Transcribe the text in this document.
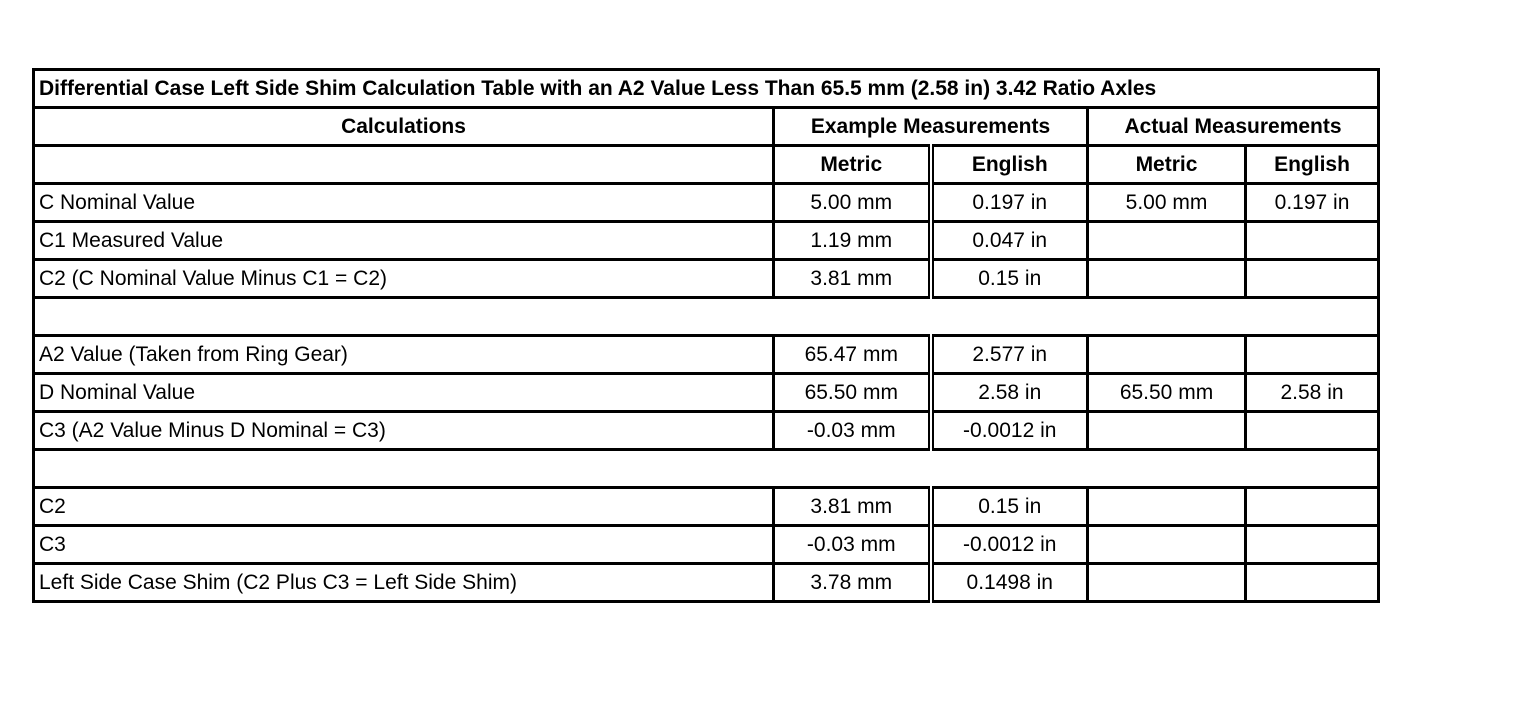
Differential Case Left Side Shim Calculation Table with an A2 Value Less Than 65.5 mm (2.58 in) 3.42 Ratio Axles				
Calculations	Example Measurements		Actual Measurements	
	Metric	English	Metric	English
C Nominal Value	5.00 mm	0.197 in	5.00 mm	0.197 in
C1 Measured Value	1.19 mm	0.047 in		
C2 (C Nominal Value Minus C1 = C2)	3.81 mm	0.15 in		

A2 Value (Taken from Ring Gear)	65.47 mm	2.577 in		
D Nominal Value	65.50 mm	2.58 in	65.50 mm	2.58 in
C3 (A2 Value Minus D Nominal = C3)	-0.03 mm	-0.0012 in		

C2	3.81 mm	0.15 in		
C3	-0.03 mm	-0.0012 in		
Left Side Case Shim (C2 Plus C3 = Left Side Shim)	3.78 mm	0.1498 in		
